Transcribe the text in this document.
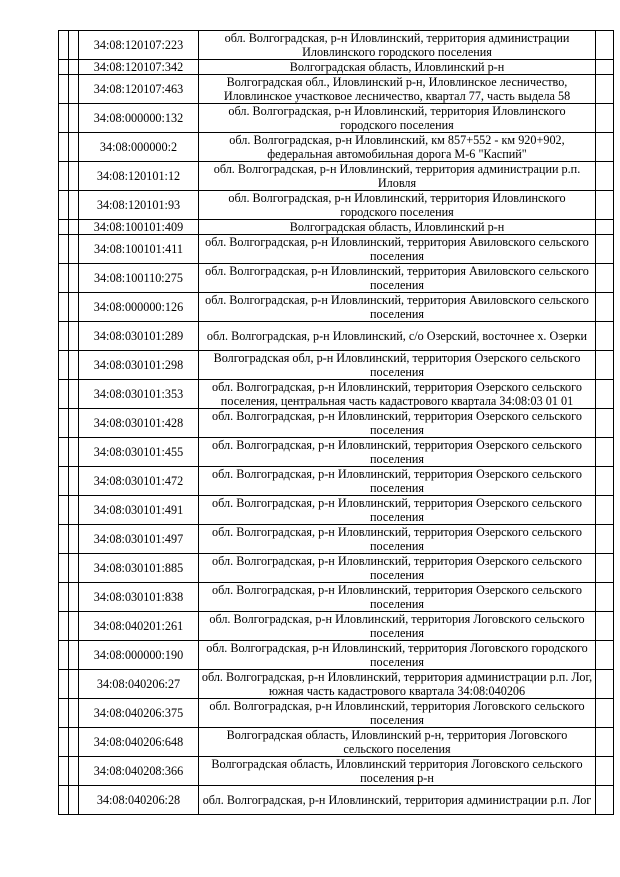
		34:08:120107:223	обл. Волгоградская, р-н Иловлинский, территория администрации Иловлинского городского поселения	
		34:08:120107:342	Волгоградская область, Иловлинский р-н	
		34:08:120107:463	Волгоградская обл., Иловлинский р-н, Иловлинское лесничество, Иловлинское участковое лесничество, квартал 77, часть выдела 58	
		34:08:000000:132	обл. Волгоградская, р-н Иловлинский, территория Иловлинского городского поселения	
		34:08:000000:2	обл. Волгоградская, р-н Иловлинский, км 857+552 - км 920+902, федеральная автомобильная дорога М-6 "Каспий"	
		34:08:120101:12	обл. Волгоградская, р-н Иловлинский, территория администрации р.п. Иловля	
		34:08:120101:93	обл. Волгоградская, р-н Иловлинский, территория Иловлинского городского поселения	
		34:08:100101:409	Волгоградская область, Иловлинский р-н	
		34:08:100101:411	обл. Волгоградская, р-н Иловлинский, территория Авиловского сельского поселения	
		34:08:100110:275	обл. Волгоградская, р-н Иловлинский, территория Авиловского сельского поселения	
		34:08:000000:126	обл. Волгоградская, р-н Иловлинский, территория Авиловского сельского поселения	
		34:08:030101:289	обл. Волгоградская, р-н Иловлинский, с/о Озерский, восточнее х. Озерки	
		34:08:030101:298	Волгоградская обл, р-н Иловлинский, территория Озерского сельского поселения	
		34:08:030101:353	обл. Волгоградская, р-н Иловлинский, территория Озерского сельского поселения, центральная часть кадастрового квартала 34:08:03 01 01	
		34:08:030101:428	обл. Волгоградская, р-н Иловлинский, территория Озерского сельского поселения	
		34:08:030101:455	обл. Волгоградская, р-н Иловлинский, территория Озерского сельского поселения	
		34:08:030101:472	обл. Волгоградская, р-н Иловлинский, территория Озерского сельского поселения	
		34:08:030101:491	обл. Волгоградская, р-н Иловлинский, территория Озерского сельского поселения	
		34:08:030101:497	обл. Волгоградская, р-н Иловлинский, территория Озерского сельского поселения	
		34:08:030101:885	обл. Волгоградская, р-н Иловлинский, территория Озерского сельского поселения	
		34:08:030101:838	обл. Волгоградская, р-н Иловлинский, территория Озерского сельского поселения	
		34:08:040201:261	обл. Волгоградская, р-н Иловлинский, территория Логовского сельского поселения	
		34:08:000000:190	обл. Волгоградская, р-н Иловлинский, территория Логовского городского поселения	
		34:08:040206:27	обл. Волгоградская, р-н Иловлинский, территория администрации р.п. Лог, южная часть кадастрового квартала 34:08:040206	
		34:08:040206:375	обл. Волгоградская, р-н Иловлинский, территория Логовского сельского поселения	
		34:08:040206:648	Волгоградская область, Иловлинский р-н, территория Логовского сельского поселения	
		34:08:040208:366	Волгоградская область, Иловлинский территория Логовского сельского поселения р-н	
		34:08:040206:28	обл. Волгоградская, р-н Иловлинский, территория администрации р.п. Лог	
